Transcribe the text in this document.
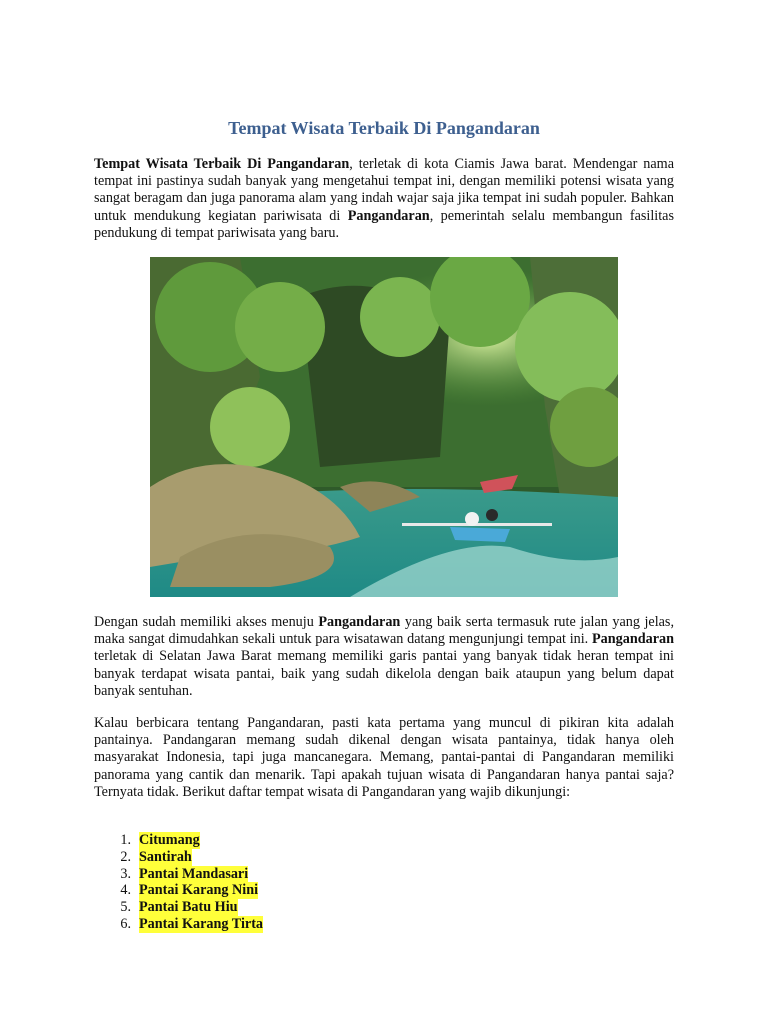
Tempat Wisata Terbaik Di Pangandaran

Tempat Wisata Terbaik Di Pangandaran, terletak di kota Ciamis Jawa barat. Mendengar nama tempat ini pastinya sudah banyak yang mengetahui tempat ini, dengan memiliki potensi wisata yang sangat beragam dan juga panorama alam yang indah wajar saja jika tempat ini sudah populer. Bahkan untuk mendukung kegiatan pariwisata di Pangandaran, pemerintah selalu membangun fasilitas pendukung di tempat pariwisata yang baru.

Dengan sudah memiliki akses menuju Pangandaran yang baik serta termasuk rute jalan yang jelas, maka sangat dimudahkan sekali untuk para wisatawan datang mengunjungi tempat ini. Pangandaran terletak di Selatan Jawa Barat memang memiliki garis pantai yang banyak tidak heran tempat ini banyak terdapat wisata pantai, baik yang sudah dikelola dengan baik ataupun yang belum dapat banyak sentuhan.

Kalau berbicara tentang Pangandaran, pasti kata pertama yang muncul di pikiran kita adalah pantainya. Pandangaran memang sudah dikenal dengan wisata pantainya, tidak hanya oleh masyarakat Indonesia, tapi juga mancanegara. Memang, pantai-pantai di Pangandaran memiliki panorama yang cantik dan menarik. Tapi apakah tujuan wisata di Pangandaran hanya pantai saja? Ternyata tidak. Berikut daftar tempat wisata di Pangandaran yang wajib dikunjungi:

1. Citumang
2. Santirah
3. Pantai Mandasari
4. Pantai Karang Nini
5. Pantai Batu Hiu
6. Pantai Karang Tirta
